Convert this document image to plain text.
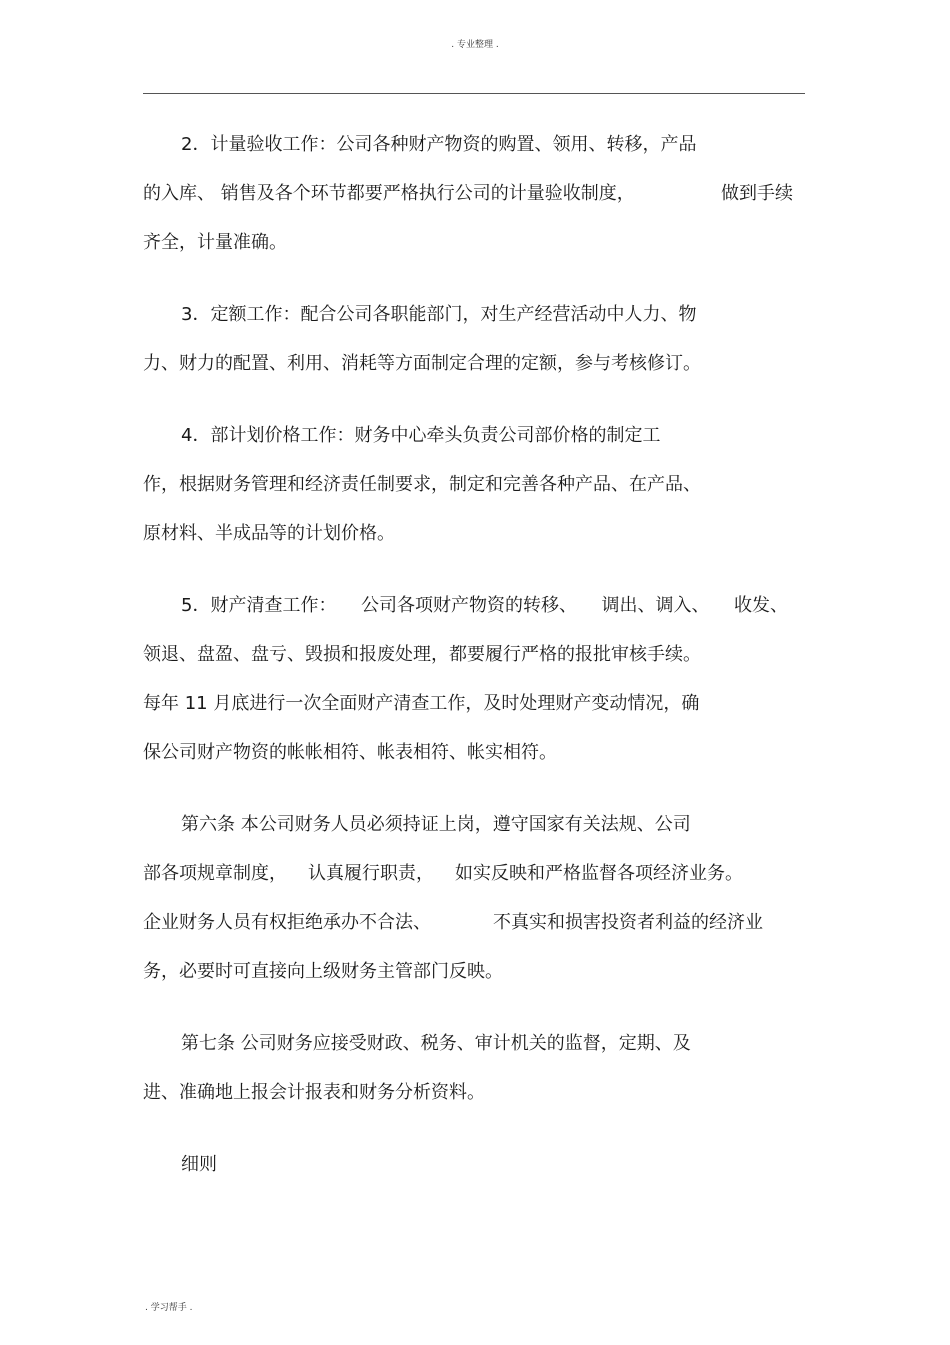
. 专业整理 .
2．计量验收工作：公司各种财产物资的购置、领用、转移，产品
的入库、 销售及各个环节都要严格执行公司的计量验收制度，	做到手续
齐全，计量准确。
3．定额工作：配合公司各职能部门，对生产经营活动中人力、物
力、财力的配置、利用、消耗等方面制定合理的定额，参与考核修订。
4．部计划价格工作：财务中心牵头负责公司部价格的制定工
作，根据财务管理和经济责任制要求，制定和完善各种产品、在产品、
原材料、半成品等的计划价格。
5．财产清查工作： 公司各项财产物资的转移、 调出、调入、 收发、
领退、盘盈、盘亏、毁损和报废处理，都要履行严格的报批审核手续。
每年 11 月底进行一次全面财产清查工作，及时处理财产变动情况，确
保公司财产物资的帐帐相符、帐表相符、帐实相符。
第六条 本公司财务人员必须持证上岗，遵守国家有关法规、公司
部各项规章制度， 认真履行职责， 如实反映和严格监督各项经济业务。
企业财务人员有权拒绝承办不合法、	不真实和损害投资者利益的经济业
务，必要时可直接向上级财务主管部门反映。
第七条 公司财务应接受财政、税务、审计机关的监督，定期、及
进、准确地上报会计报表和财务分析资料。
细则
. 学习帮手 .
